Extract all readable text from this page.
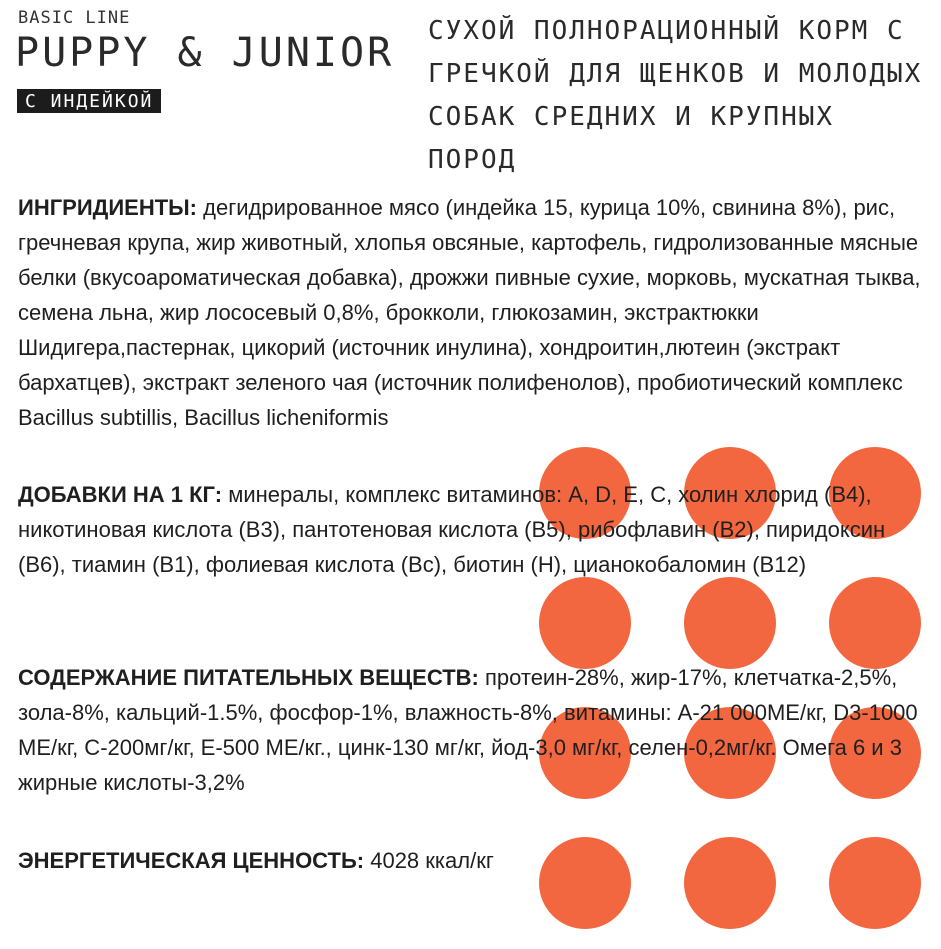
BASIC LINE
PUPPY & JUNIOR
С ИНДЕЙКОЙ
СУХОЙ ПОЛНОРАЦИОННЫЙ КОРМ С ГРЕЧКОЙ ДЛЯ ЩЕНКОВ И МОЛОДЫХ СОБАК СРЕДНИХ И КРУПНЫХ ПОРОД
ИНГРИДИЕНТЫ: дегидрированное мясо (индейка 15, курица 10%, свинина 8%), рис, гречневая крупа, жир животный, хлопья овсяные, картофель, гидролизованные мясные белки (вкусоароматическая добавка), дрожжи пивные сухие, морковь, мускатная тыква, семена льна, жир лососевый 0,8%, брокколи, глюкозамин, экстрактюкки Шидигера,пастернак, цикорий (источник инулина), хондроитин,лютеин (экстракт бархатцев), экстракт зеленого чая (источник полифенолов), пробиотический комплекс Bacillus subtillis, Bacillus licheniformis
ДОБАВКИ НА 1 КГ: минералы, комплекс витаминов: A, D, E, C, холин хлорид (B4), никотиновая кислота (B3), пантотеновая кислота (B5), рибофлавин (B2), пиридоксин (B6), тиамин (B1), фолиевая кислота (Bc), биотин (H), цианокобаломин (B12)
СОДЕРЖАНИЕ ПИТАТЕЛЬНЫХ ВЕЩЕСТВ: протеин-28%, жир-17%, клетчатка-2,5%, зола-8%, кальций-1.5%, фосфор-1%, влажность-8%, витамины: A-21 000МЕ/кг, D3-1000 МЕ/кг, C-200мг/кг, E-500 МЕ/кг., цинк-130 мг/кг, йод-3,0 мг/кг, селен-0,2мг/кг. Омега 6 и 3 жирные кислоты-3,2%
ЭНЕРГЕТИЧЕСКАЯ ЦЕННОСТЬ: 4028 ккал/кг
